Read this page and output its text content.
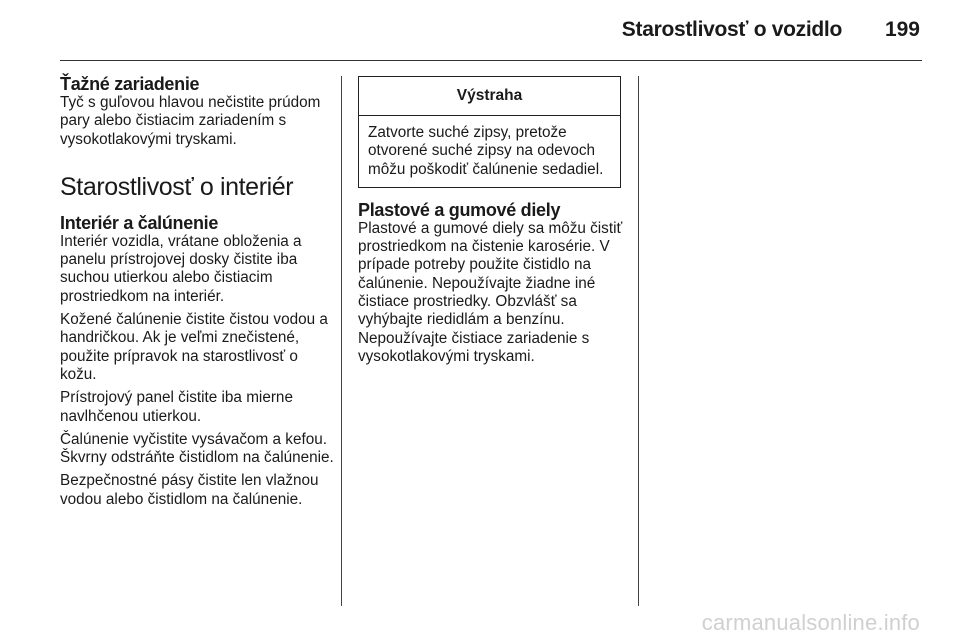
Starostlivosť o vozidlo 199
Ťažné zariadenie

Tyč s guľovou hlavou nečistite prúdom pary alebo čistiacim zariadením s vysokotlakovými tryskami.

Starostlivosť o interiér
Interiér a čalúnenie

Interiér vozidla, vrátane obloženia a panelu prístrojovej dosky čistite iba suchou utierkou alebo čistiacim prostriedkom na interiér.

Kožené čalúnenie čistite čistou vodou a handričkou. Ak je veľmi znečistené, použite prípravok na starostlivosť o kožu.

Prístrojový panel čistite iba mierne navlhčenou utierkou.

Čalúnenie vyčistite vysávačom a kefou. Škvrny odstráňte čistidlom na čalúnenie.

Bezpečnostné pásy čistite len vlažnou vodou alebo čistidlom na čalúnenie.

Výstraha
Zatvorte suché zipsy, pretože otvorené suché zipsy na odevoch môžu poškodiť čalúnenie sedadiel.
Plastové a gumové diely

Plastové a gumové diely sa môžu čistiť prostriedkom na čistenie karosérie. V prípade potreby použite čistidlo na čalúnenie. Nepoužívajte žiadne iné čistiace prostriedky. Obzvlášť sa vyhýbajte riedidlám a benzínu. Nepoužívajte čistiace zariadenie s vysokotlakovými tryskami.

carmanualsonline.info
